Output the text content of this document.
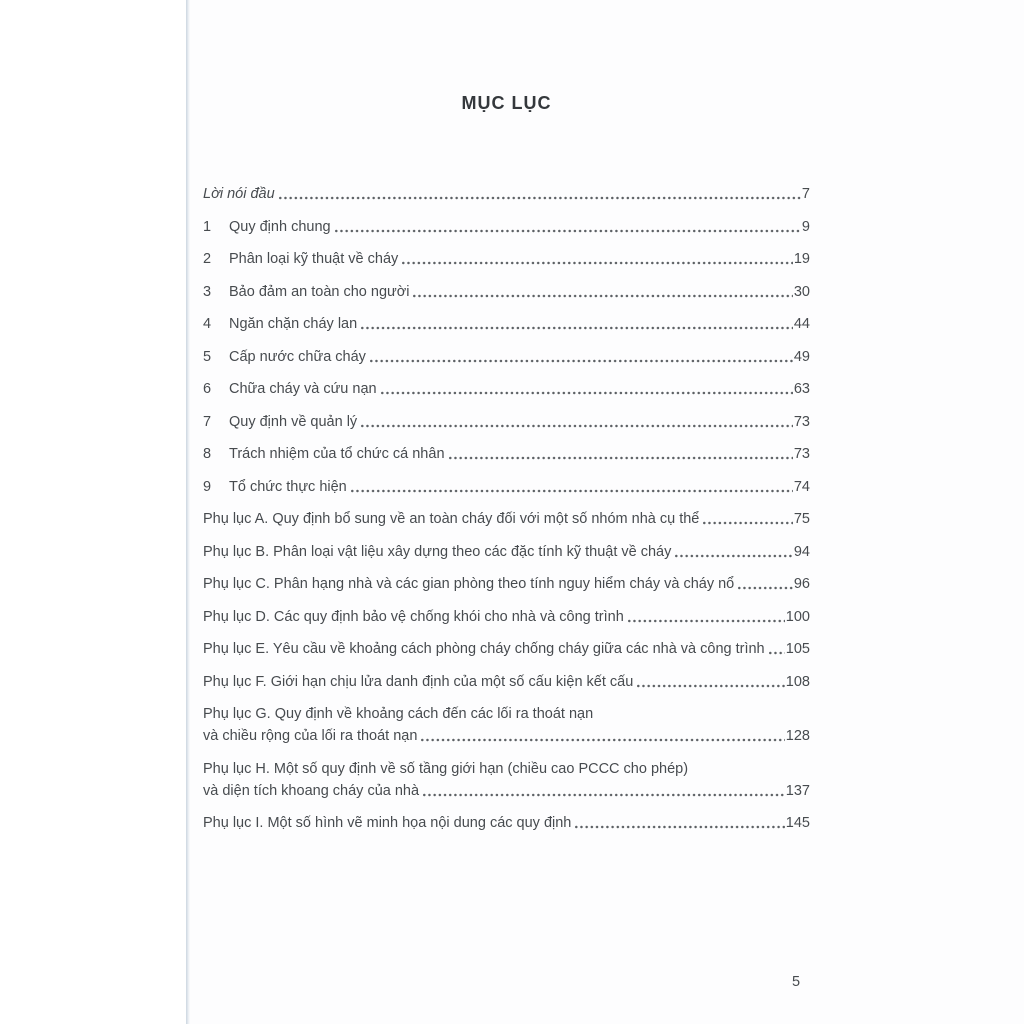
MỤC LỤC
Lời nói đầu	7
1	Quy định chung	9
2	Phân loại kỹ thuật về cháy	19
3	Bảo đảm an toàn cho người	30
4	Ngăn chặn cháy lan	44
5	Cấp nước chữa cháy	49
6	Chữa cháy và cứu nạn	63
7	Quy định về quản lý	73
8	Trách nhiệm của tổ chức cá nhân	73
9	Tổ chức thực hiện	74
Phụ lục A. Quy định bổ sung về an toàn cháy đối với một số nhóm nhà cụ thể	75
Phụ lục B. Phân loại vật liệu xây dựng theo các đặc tính kỹ thuật về cháy	94
Phụ lục C. Phân hạng nhà và các gian phòng theo tính nguy hiểm cháy và cháy nổ	96
Phụ lục D. Các quy định bảo vệ chống khói cho nhà và công trình	100
Phụ lục E. Yêu cầu về khoảng cách phòng cháy chống cháy giữa các nhà và công trình 105
Phụ lục F. Giới hạn chịu lửa danh định của một số cấu kiện kết cấu	108
Phụ lục G. Quy định về khoảng cách đến các lối ra thoát nạn
và chiều rộng của lối ra thoát nạn	128
Phụ lục H. Một số quy định về số tầng giới hạn (chiều cao PCCC cho phép)
và diện tích khoang cháy của nhà	137
Phụ lục I. Một số hình vẽ minh họa nội dung các quy định	145
5
